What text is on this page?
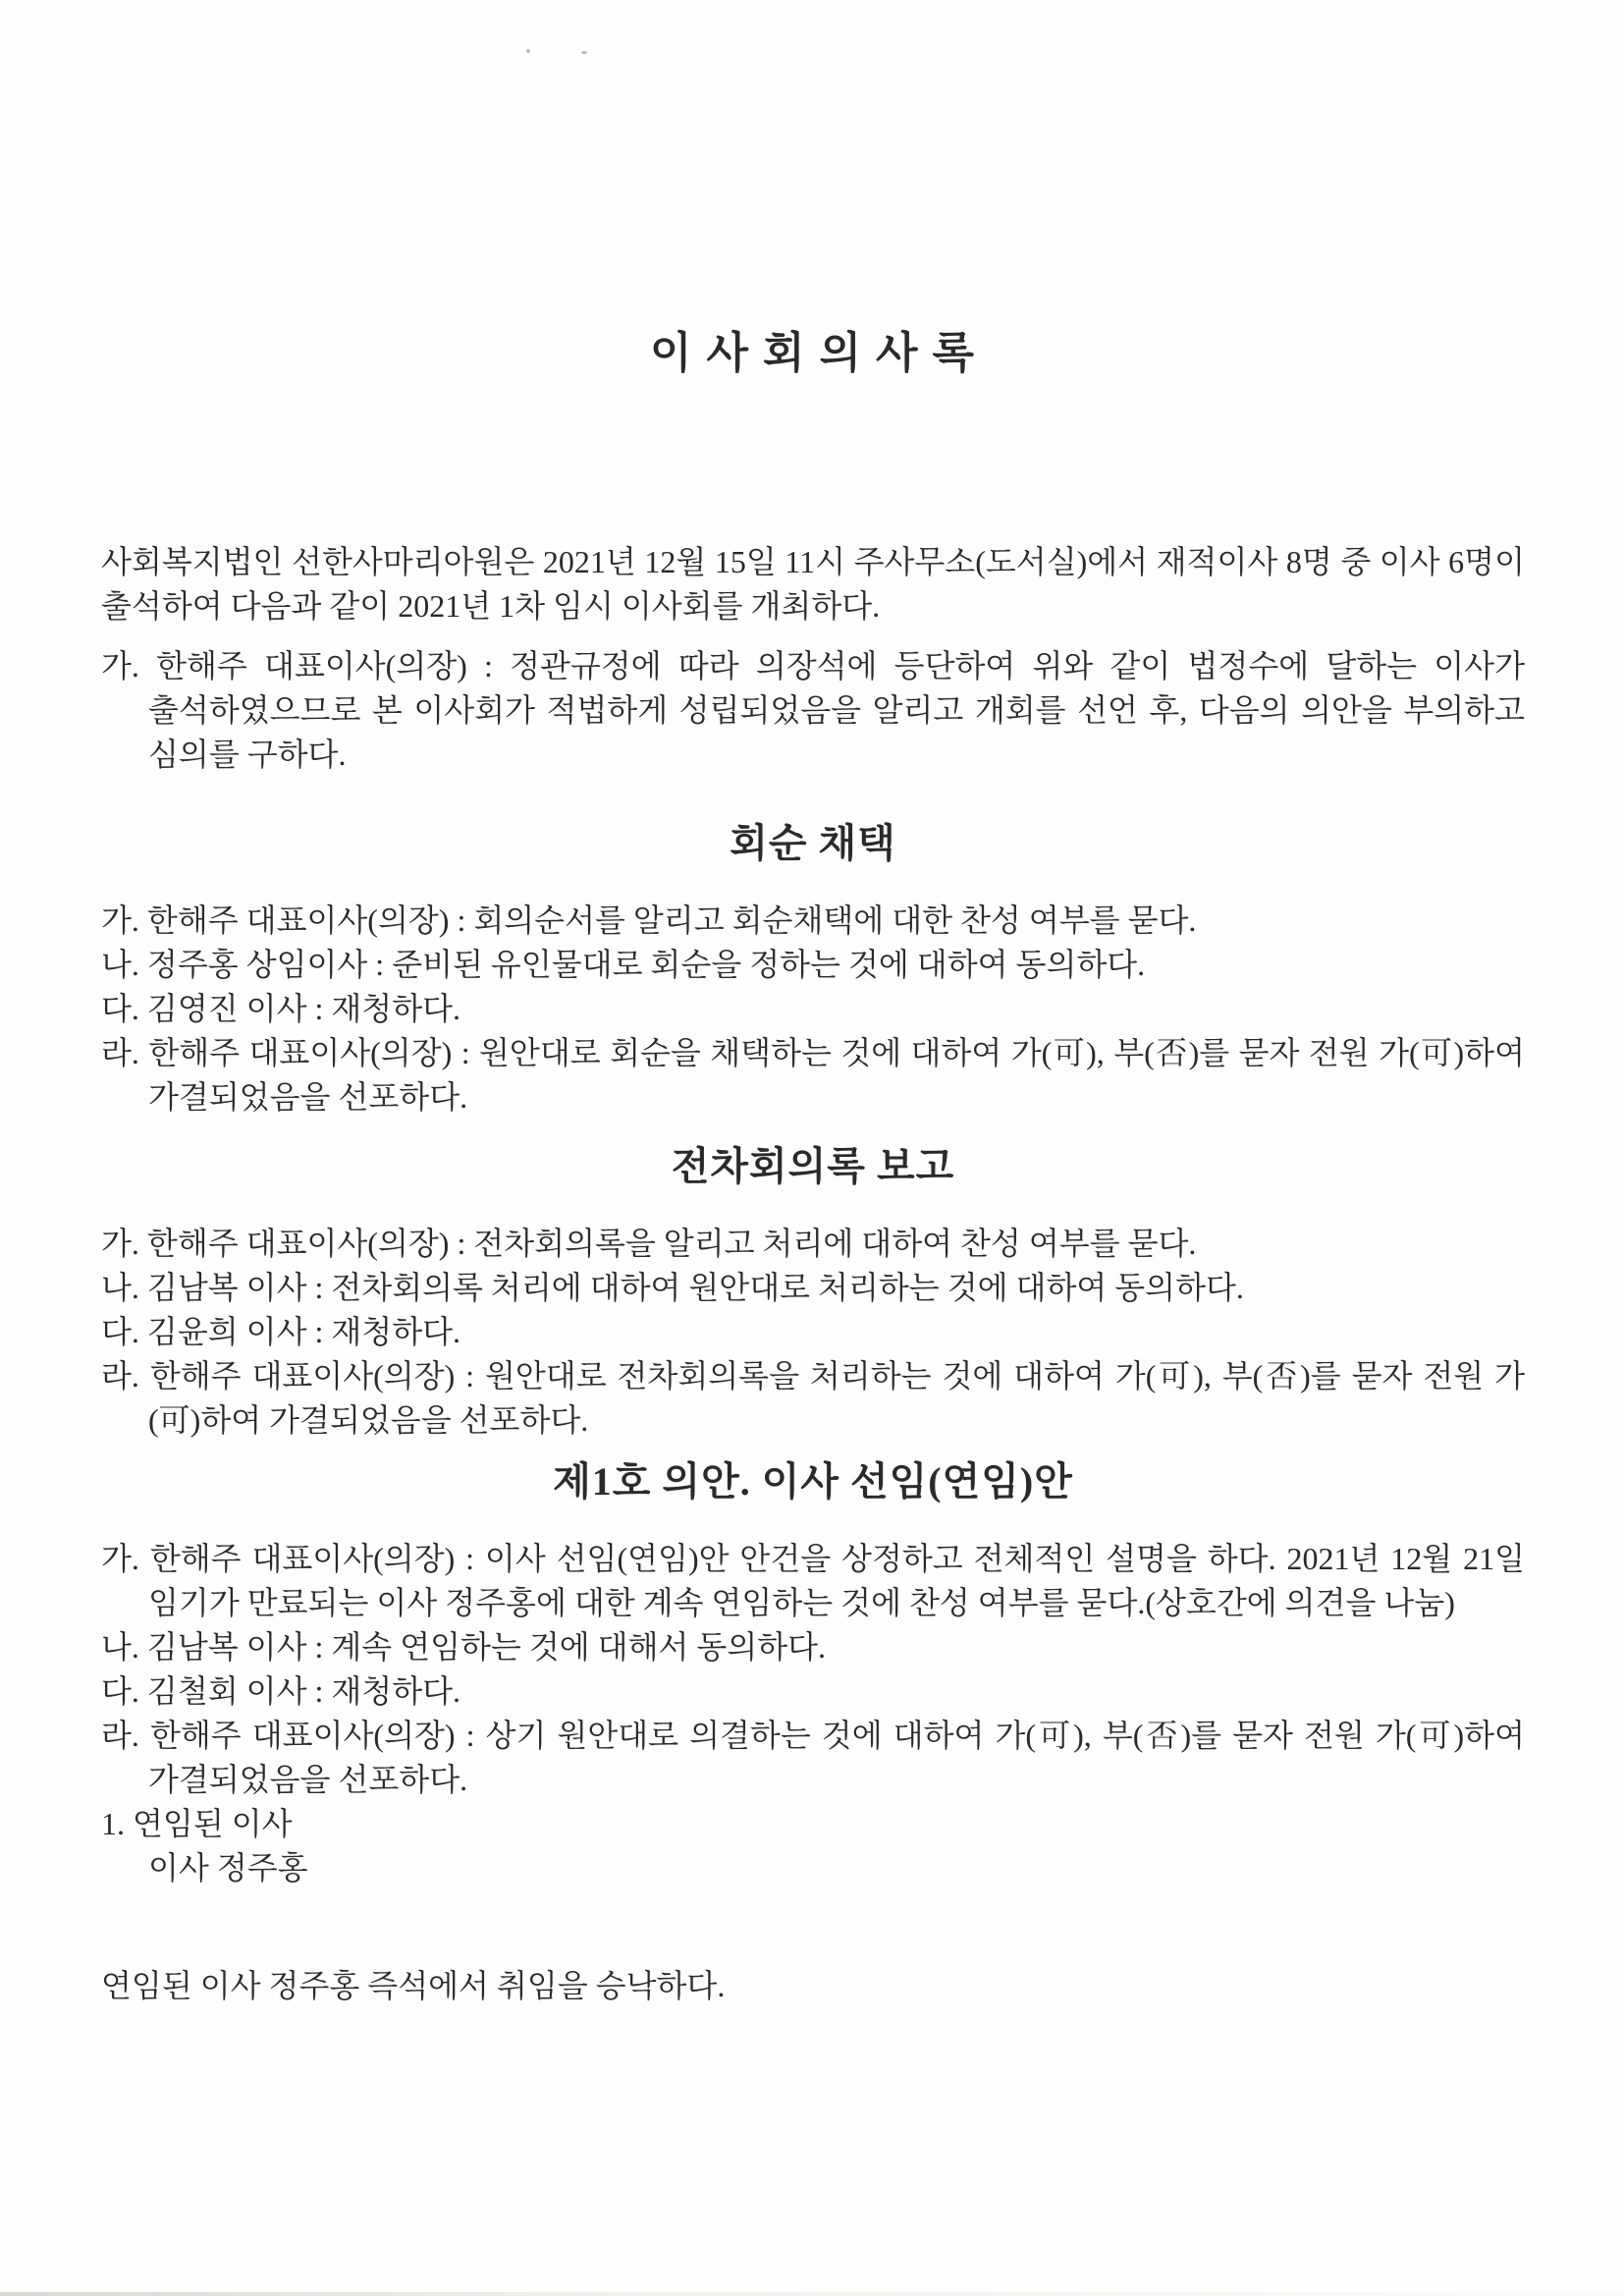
이 사 회 의 사 록

사회복지법인 선한사마리아원은 2021년 12월 15일 11시 주사무소(도서실)에서 재적이사 8명 중 이사 6명이 출석하여 다음과 같이 2021년 1차 임시 이사회를 개최하다.

가. 한해주 대표이사(의장) : 정관규정에 따라 의장석에 등단하여 위와 같이 법정수에 달하는 이사가 출석하였으므로 본 이사회가 적법하게 성립되었음을 알리고 개회를 선언 후, 다음의 의안을 부의하고 심의를 구하다.

회순 채택

가. 한해주 대표이사(의장) : 회의순서를 알리고 회순채택에 대한 찬성 여부를 묻다.

나. 정주홍 상임이사 : 준비된 유인물대로 회순을 정하는 것에 대하여 동의하다.

다. 김영진 이사 : 재청하다.

라. 한해주 대표이사(의장) : 원안대로 회순을 채택하는 것에 대하여 가(可), 부(否)를 묻자 전원 가(可)하여 가결되었음을 선포하다.

전차회의록 보고

가. 한해주 대표이사(의장) : 전차회의록을 알리고 처리에 대하여 찬성 여부를 묻다.

나. 김남복 이사 : 전차회의록 처리에 대하여 원안대로 처리하는 것에 대하여 동의하다.

다. 김윤희 이사 : 재청하다.

라. 한해주 대표이사(의장) : 원안대로 전차회의록을 처리하는 것에 대하여 가(可), 부(否)를 묻자 전원 가(可)하여 가결되었음을 선포하다.

제1호 의안. 이사 선임(연임)안

가. 한해주 대표이사(의장) : 이사 선임(연임)안 안건을 상정하고 전체적인 설명을 하다. 2021년 12월 21일 임기가 만료되는 이사 정주홍에 대한 계속 연임하는 것에 찬성 여부를 묻다.(상호간에 의견을 나눔)

나. 김남복 이사 : 계속 연임하는 것에 대해서 동의하다.

다. 김철회 이사 : 재청하다.

라. 한해주 대표이사(의장) : 상기 원안대로 의결하는 것에 대하여 가(可), 부(否)를 묻자 전원 가(可)하여 가결되었음을 선포하다.

1. 연임된 이사
이사 정주홍

연임된 이사 정주홍 즉석에서 취임을 승낙하다.
